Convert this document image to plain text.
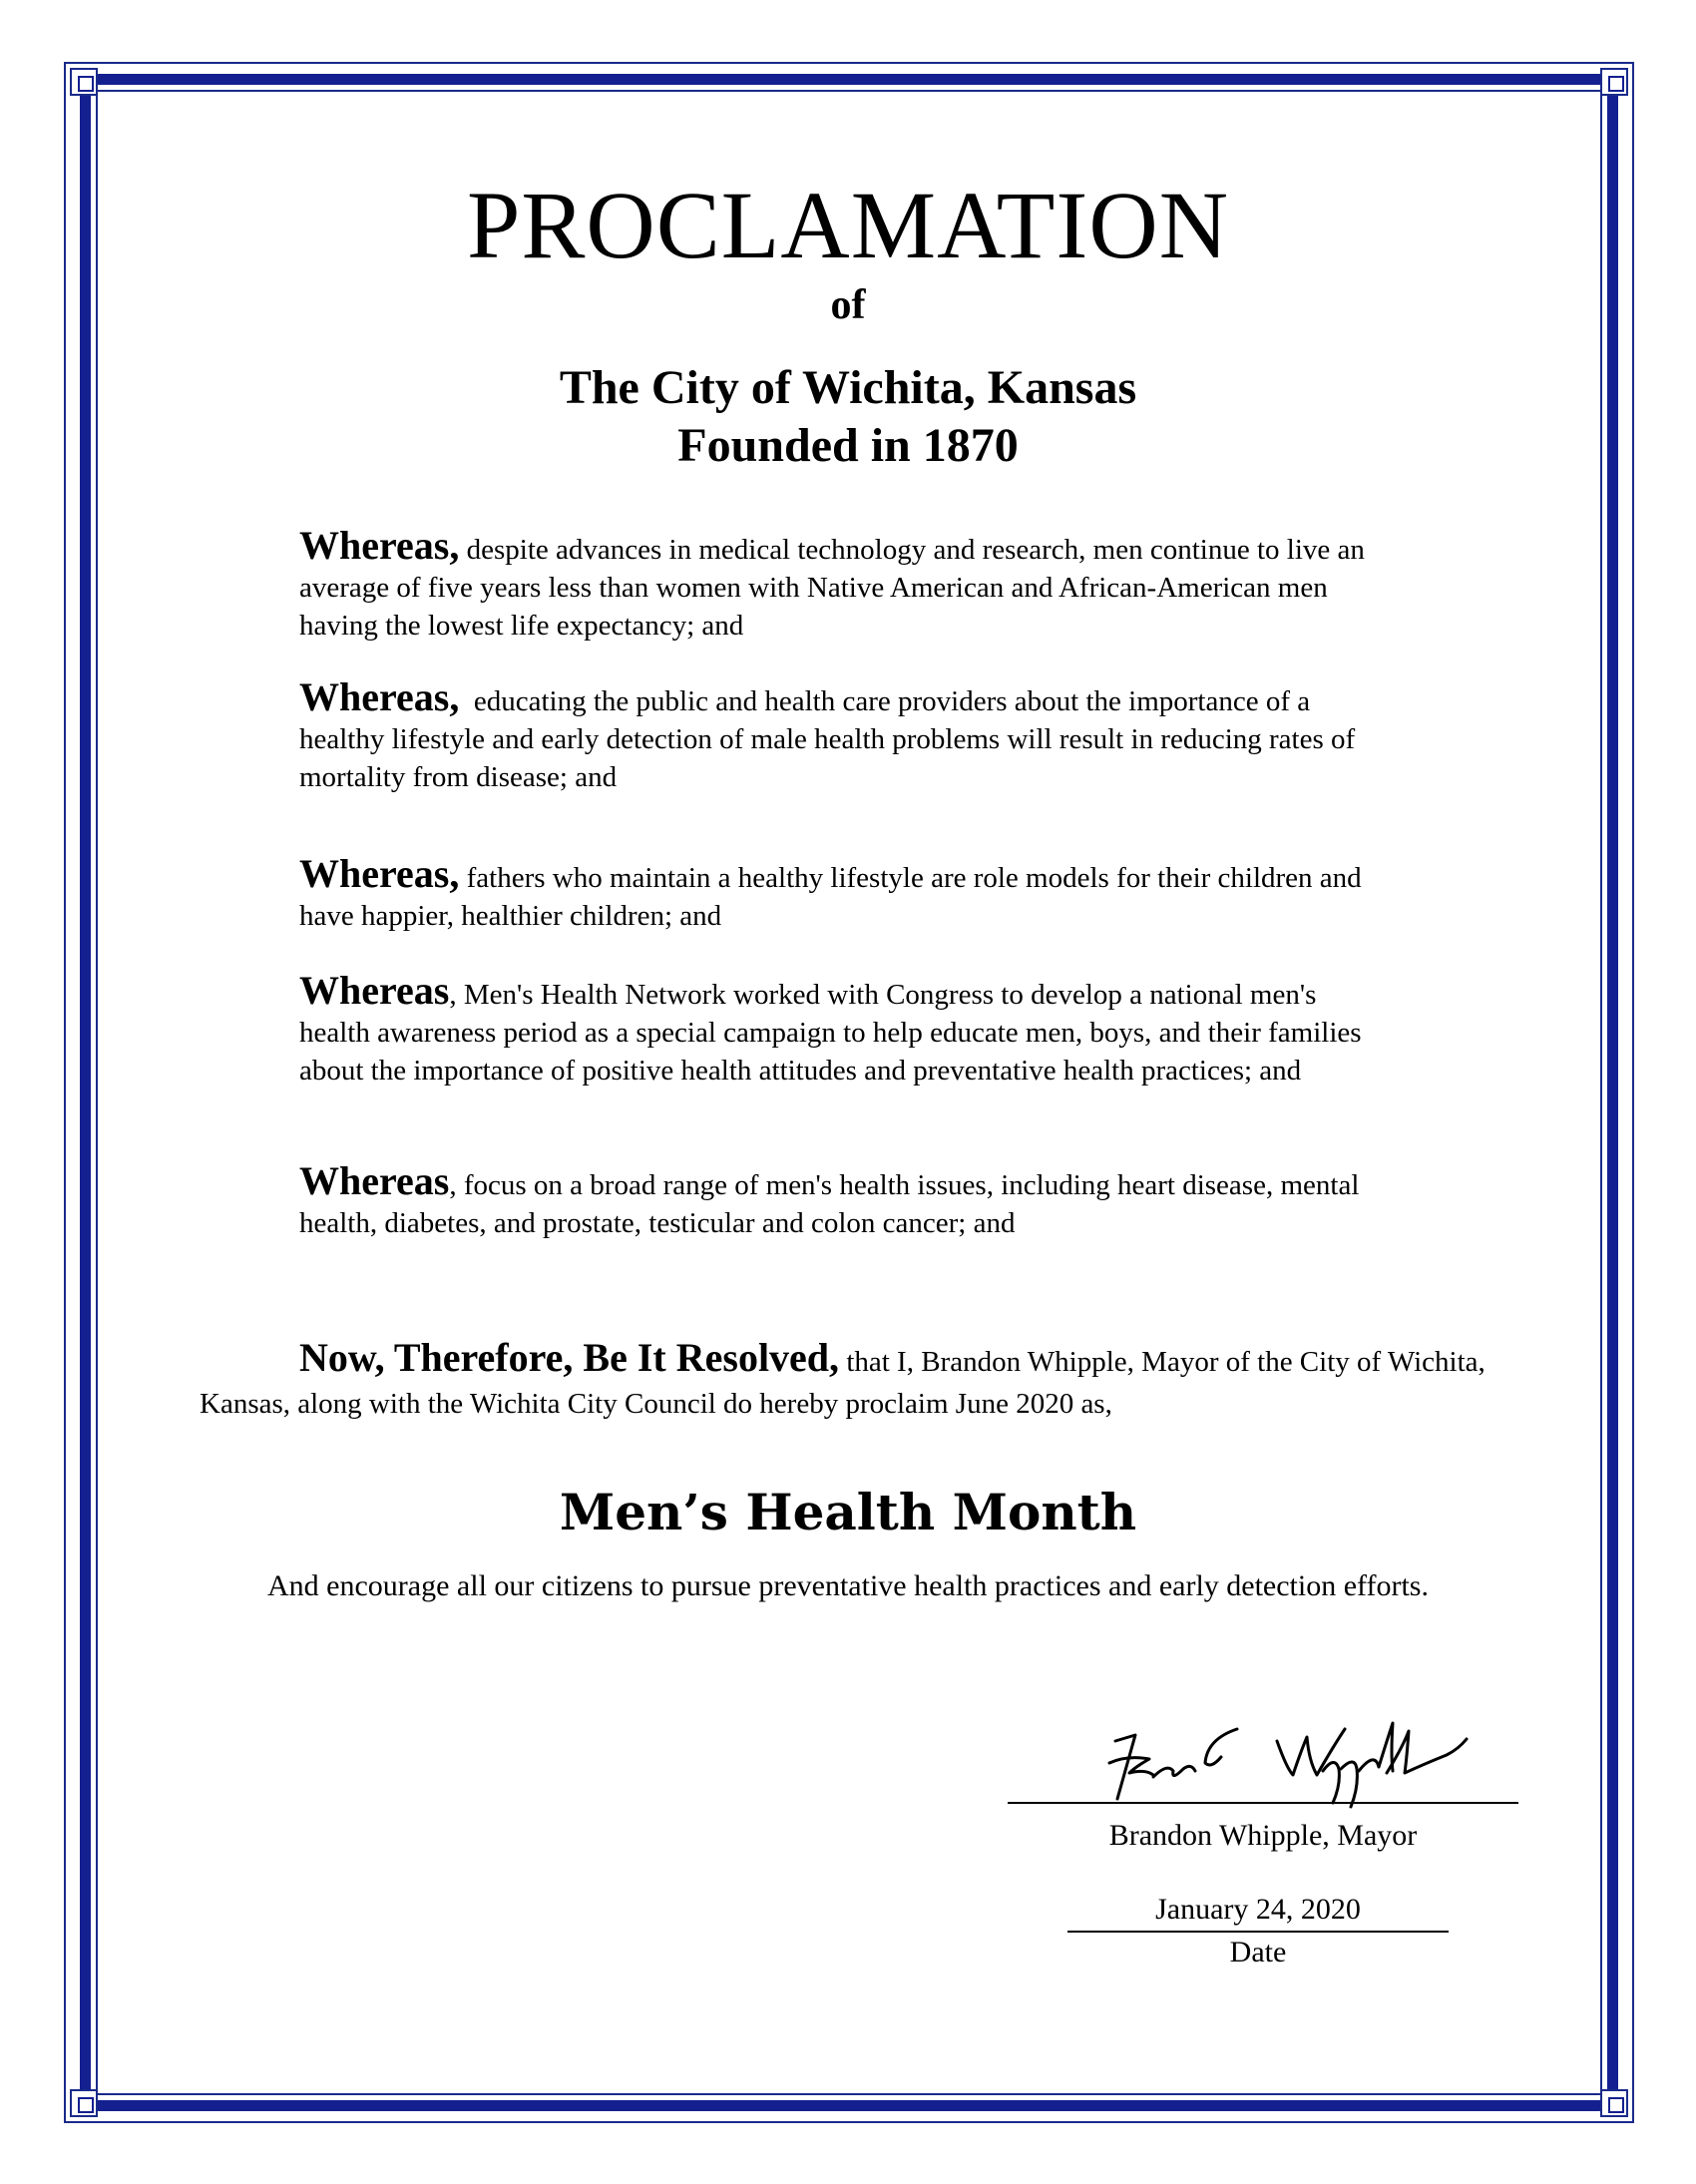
PROCLAMATION
of
The City of Wichita, Kansas
Founded in 1870
Whereas, despite advances in medical technology and research, men continue to live an average of five years less than women with Native American and African-American men having the lowest life expectancy; and
Whereas,  educating the public and health care providers about the importance of a healthy lifestyle and early detection of male health problems will result in reducing rates of mortality from disease; and
Whereas, fathers who maintain a healthy lifestyle are role models for their children and have happier, healthier children; and
Whereas, Men's Health Network worked with Congress to develop a national men's health awareness period as a special campaign to help educate men, boys, and their families about the importance of positive health attitudes and preventative health practices; and
Whereas, focus on a broad range of men's health issues, including heart disease, mental health, diabetes, and prostate, testicular and colon cancer; and
Now, Therefore, Be It Resolved, that I, Brandon Whipple, Mayor of the City of Wichita, Kansas, along with the Wichita City Council do hereby proclaim June 2020 as,
Men’s Health Month
And encourage all our citizens to pursue preventative health practices and early detection efforts.
Brandon Whipple, Mayor
January 24, 2020
Date
